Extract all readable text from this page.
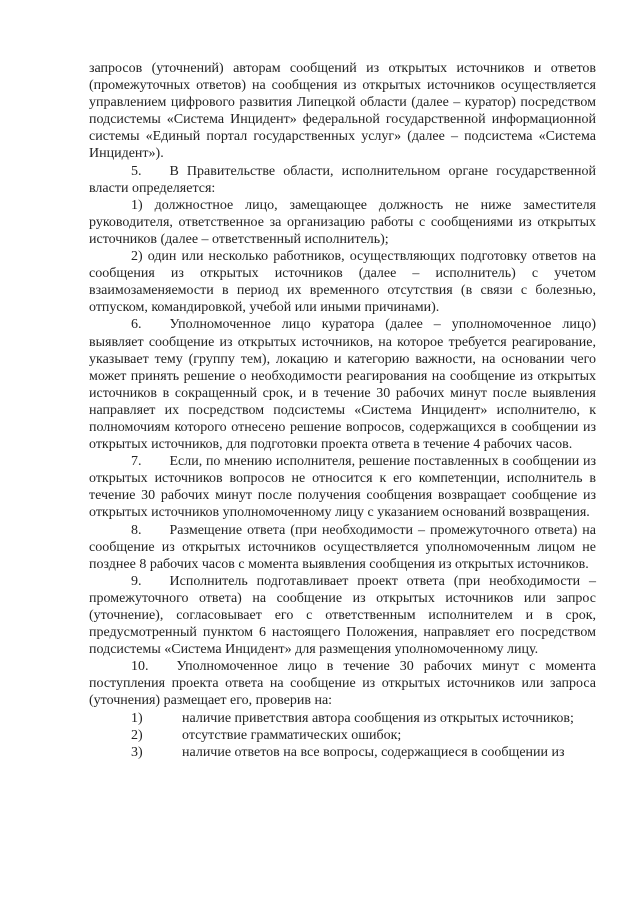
запросов (уточнений) авторам сообщений из открытых источников и ответов (промежуточных ответов) на сообщения из открытых источников осуществляется управлением цифрового развития Липецкой области (далее – куратор) посредством подсистемы «Система Инцидент» федеральной государственной информационной системы «Единый портал государственных услуг» (далее – подсистема «Система Инцидент»).

5.  В Правительстве области, исполнительном органе государственной власти определяется:

1) должностное лицо, замещающее должность не ниже заместителя руководителя, ответственное за организацию работы с сообщениями из открытых источников (далее – ответственный исполнитель);

2) один или несколько работников, осуществляющих подготовку ответов на сообщения из открытых источников (далее – исполнитель) с учетом взаимозаменяемости в период их временного отсутствия (в связи с болезнью, отпуском, командировкой, учебой или иными причинами).

6.  Уполномоченное лицо куратора (далее – уполномоченное лицо) выявляет сообщение из открытых источников, на которое требуется реагирование, указывает тему (группу тем), локацию и категорию важности, на основании чего может принять решение о необходимости реагирования на сообщение из открытых источников в сокращенный срок, и в течение 30 рабочих минут после выявления направляет их посредством подсистемы «Система Инцидент» исполнителю, к полномочиям которого отнесено решение вопросов, содержащихся в сообщении из открытых источников, для подготовки проекта ответа в течение 4 рабочих часов.

7.  Если, по мнению исполнителя, решение поставленных в сообщении из открытых источников вопросов не относится к его компетенции, исполнитель в течение 30 рабочих минут после получения сообщения возвращает сообщение из открытых источников уполномоченному лицу с указанием оснований возвращения.

8.  Размещение ответа (при необходимости – промежуточного ответа) на сообщение из открытых источников осуществляется уполномоченным лицом не позднее 8 рабочих часов с момента выявления сообщения из открытых источников.

9.  Исполнитель подготавливает проект ответа (при необходимости – промежуточного ответа) на сообщение из открытых источников или запрос (уточнение), согласовывает его с ответственным исполнителем и в срок, предусмотренный пунктом 6 настоящего Положения, направляет его посредством подсистемы «Система Инцидент» для размещения уполномоченному лицу.

10.  Уполномоченное лицо в течение 30 рабочих минут с момента поступления проекта ответа на сообщение из открытых источников или запроса (уточнения) размещает его, проверив на:

1)	наличие приветствия автора сообщения из открытых источников;
2)	отсутствие грамматических ошибок;
3)	наличие ответов на все вопросы, содержащиеся в сообщении из
